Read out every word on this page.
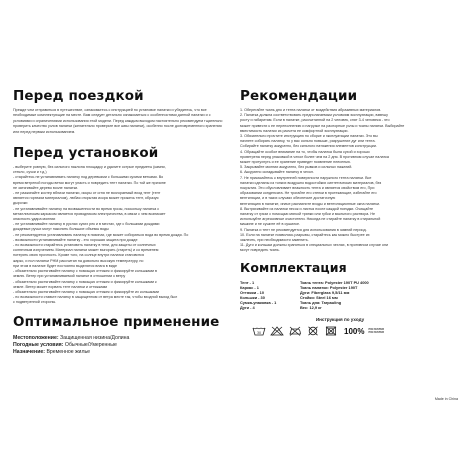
Перед поездкой

Прежде чем отправиться в путешествие, ознакомьтесь с инструкцией по установке палатки и убедитесь, что все необходимые комплектующие на месте. Вам следует детально ознакомиться с особенностями данной палатки и с условиями и ограничениями использования этой модели. Перед каждым выходом настоятельно рекомендуем тщательно проверить качество узлов палатки (желательно проверьте все швы палатки), особенно после долговременного хранения или перед первым использованием.

Перед установкой
- выберите ровную, без сильного наклона площадку и удалите острые предметы (камни,
стекло, сучки и т.д.)
- старайтесь не устанавливать палатку под деревьями с большими сухими ветками. Во
время ветреной погоды ветки могут упасть и повредить тент палатки. По той же причине
не затягивайте дерево возле палатки.
- не разжигайте костер вблизи палатки, искры от огня не возгораемый вход тент (тент
является горючим материалом), любая открытая искра может прожечь тент, образуя
дырочки
- не устанавливайте палатку на возвышенности во время грозы, поскольку палатка с
металлическим каркасом является проводником электричества, в связи с чем возникает
опасность удара молнии
- не устанавливайте палатку в руслах сухих рек и в местах, где с большими дождями
дождевые ручьи могут накопить большие объемы воды
- не рекомендуется устанавливать палатку в низинах, где может собираться вода во время дождя. По
- возможности устанавливайте палатку - это хорошая защита при дожде
- по возможности старайтесь установить палатку в тени, для защиты от солнечных
солнечным излучением. Материал палатки может выгорать (стареть) и со временем
потерять свою прочность. Кроме того, на солнце внутри палатки становится
жарко, и пол палатки РНМ рассчитан на довольно высокую температуру, но
при этом в палатке будет постоянно выделятся влага в виде
- обязательно растягивайте палатку с помощью оттяжек и фиксируйте кольшками в
землю. Ветер при устанавливаемой палатке в отношении к ветру
- обязательно растягивайте палатку с помощью оттяжек и фиксируйте кольшками к
земле. Ветер может порвать тент палатки и оттяжками
- обязательно растягивайте палатку с помощью оттяжек и фиксируйте их кольшками
- по возможности ставьте палатку в защищенном от ветра месте так, чтобы входной выход был
с подветренной стороны.
Оптимальное применение
Местоположение: Защищенная низина/Долина
Погодные условия: Обычные/Умеренные
Назначение: Временное жилье
Рекомендации
1. Оберегайте ткань дно и тента палатки от воздействия абразивных материалов.
2. Палатка должна соответствовать предполагаемым условиям эксплуатации, взвешу
росту и габаритам. Если в палатке, рассчитанной на 2 человек, спят 3-4 человека - это
может привести к ее переполнению и нагрузке на распорные узлы и тканы палатки. Выбирайте
вместимость палатки из расчета ее комфортной эксплуатации.
3. Обязательно прочтите инструкцию по сборке и эксплуатации палатки. Это вы
начнете собирать палатку, то у вас сильно повыше, разрушение дуг или тента.
Собирайте палатку аккуратно, без сильного натяжения элементов конструкции.
4. Обращайте особое внимание на то, чтобы палатка была сухой и хорошо
проветрена перед упаковкой в чехол более чем на 2 дня. В противном случае палатка
может протухнуть и ее хранение приведет появление плесенью.
5. Закрывайте молнии аккуратно, без рывков и сильных нажатий.
6. Аккуратно складывайте палатку в чехол.
7. Не прикасайтесь к внутренней поверхности наружного тента палатки. Все
палатки сделаны из тонких воздушно водостойких синтетических материалов, без
покрытия. Это обусловливает влажность тента и является свойством его, При
образовании конденсата. Не трогайте его стенки в протекающие, избегайте его
вентиляции, и в таких случаях обеспечьте достаточную
вентиляцию в палатке, иначе распахните входы и вентиляционные окна палатки.
8. Вытряхивайте из палатки песок и листья после каждой поездки. Очищайте
палатку от грязи с помощью мягкой тряпки или губки и мыльного раствора. Не
используйте агрессивные очистители. Никогда не стирайте палатку в стиральной
машине и не сушите её в сушилке.
9. Палатка и тент не рекомендуется для использования в зимний период.
10. Если на палатке появились разрывы, старайтесь как можно быстрее их
заклеить, при необходимости заменить.
11. Дуги и кольшки должны храниться в специальных чехлах, в противном случае они
могут повредить ткань.
Комплектация
Тент - 1
Каркас - 1
Оттяжки - 10
Кольшки - 30
Сумка-упаковка - 1
Дуги - 4
Ткань тента: Polyester 190T PU 4000
Ткань палатки: Polyester 190T
Дуги: Fiberglass 9,5/11 мм
Стойки: Steel 16 мм
Ткань дна: Tarpauling
Вес: 12,9 кг
Инструкция по уходу
30	100% POLYESTER
POLYESTER
Made in China
